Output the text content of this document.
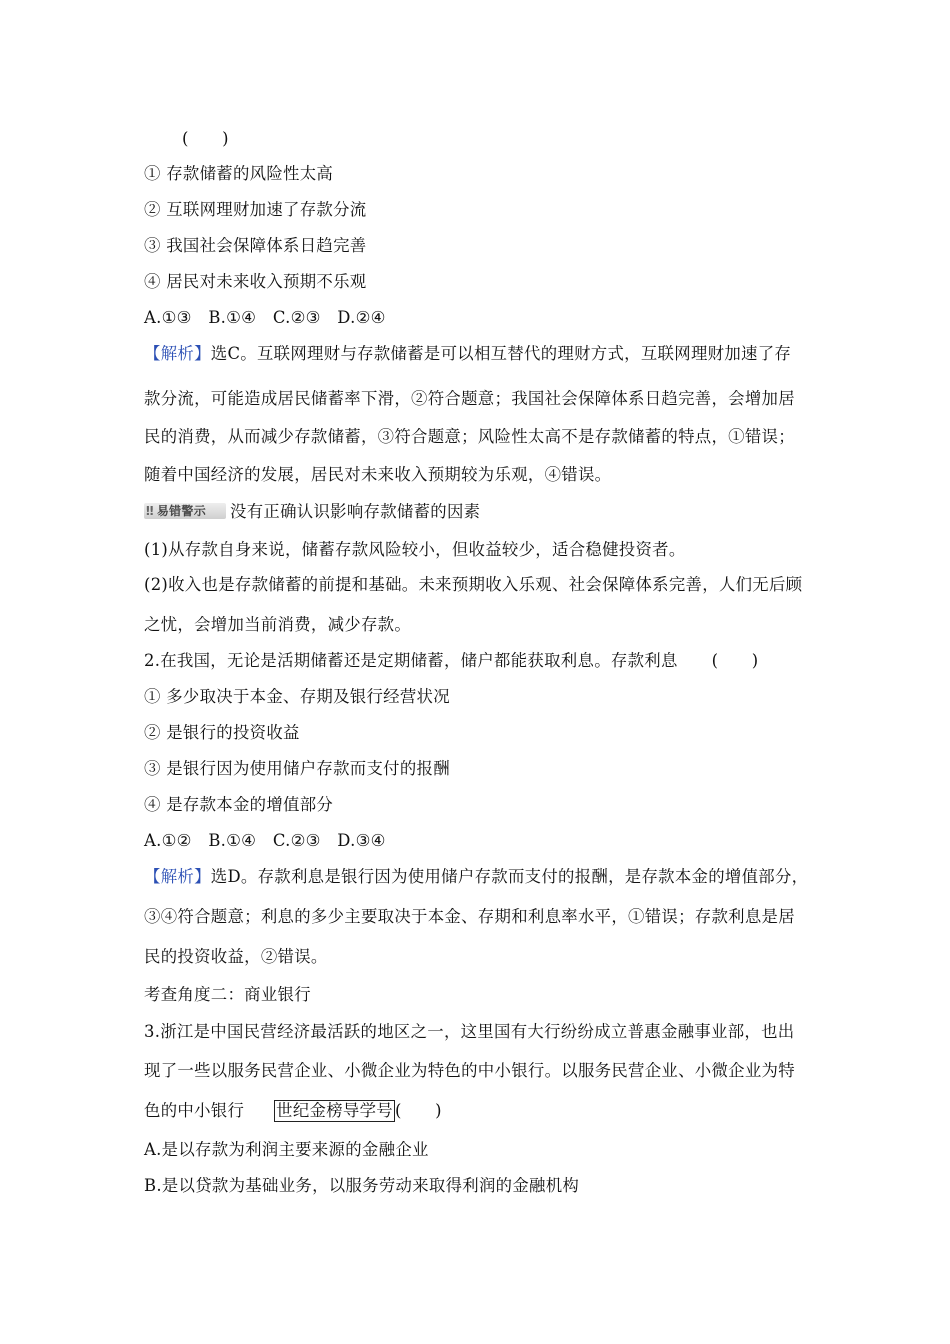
(　　)
① 存款储蓄的风险性太高
② 互联网理财加速了存款分流
③ 我国社会保障体系日趋完善
④ 居民对未来收入预期不乐观
A.①③　B.①④　C.②③　D.②④
【解析】选C。互联网理财与存款储蓄是可以相互替代的理财方式，互联网理财加速了存
款分流，可能造成居民储蓄率下滑，②符合题意；我国社会保障体系日趋完善，会增加居
民的消费，从而减少存款储蓄，③符合题意；风险性太高不是存款储蓄的特点，①错误；
随着中国经济的发展，居民对未来收入预期较为乐观，④错误。
‼ 易错警示 没有正确认识影响存款储蓄的因素
(1)从存款自身来说，储蓄存款风险较小，但收益较少，适合稳健投资者。
(2)收入也是存款储蓄的前提和基础。未来预期收入乐观、社会保障体系完善，人们无后顾
之忧，会增加当前消费，减少存款。
2.在我国，无论是活期储蓄还是定期储蓄，储户都能获取利息。存款利息 (　　)
① 多少取决于本金、存期及银行经营状况
② 是银行的投资收益
③ 是银行因为使用储户存款而支付的报酬
④ 是存款本金的增值部分
A.①②　B.①④　C.②③　D.③④
【解析】选D。存款利息是银行因为使用储户存款而支付的报酬，是存款本金的增值部分，
③④符合题意；利息的多少主要取决于本金、存期和利息率水平，①错误；存款利息是居
民的投资收益，②错误。
考查角度二：商业银行
3.浙江是中国民营经济最活跃的地区之一，这里国有大行纷纷成立普惠金融事业部，也出
现了一些以服务民营企业、小微企业为特色的中小银行。以服务民营企业、小微企业为特
色的中小银行 世纪金榜导学号 (　　)
A.是以存款为利润主要来源的金融企业
B.是以贷款为基础业务，以服务劳动来取得利润的金融机构
